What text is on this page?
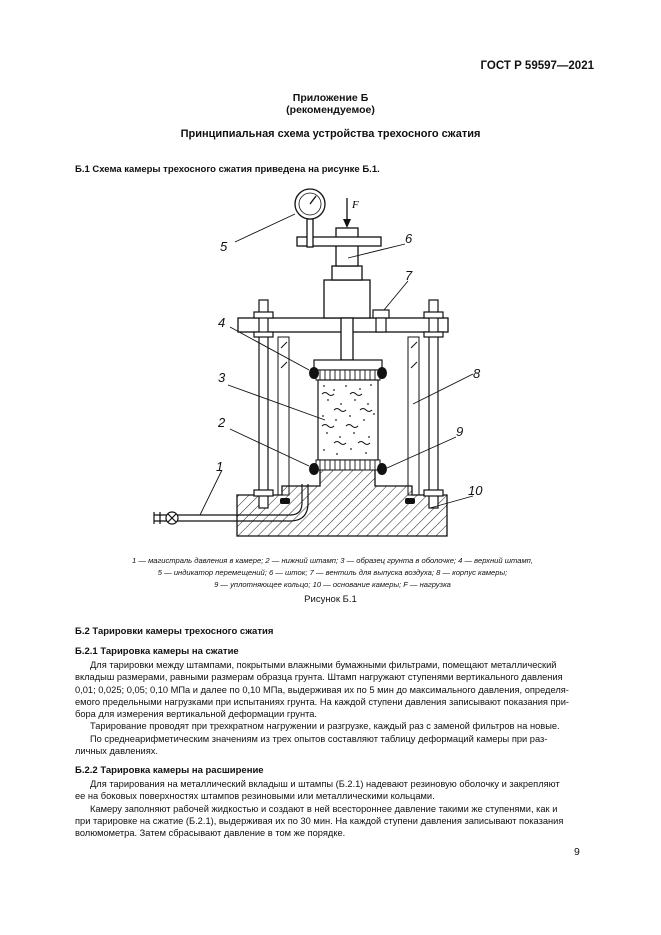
ГОСТ Р 59597—2021
Приложение Б
(рекомендуемое)
Принципиальная схема устройства трехосного сжатия
Б.1 Схема камеры трехосного сжатия приведена на рисунке Б.1.
F
5
6
7
4
3	8
2
9
1
10
1 — магистраль давления в камере; 2 — нижний штамп; 3 — образец грунта в оболочке; 4 — верхний штамп,
5 — индикатор перемещений; 6 — шток; 7 — вентиль для выпуска воздуха; 8 — корпус камеры;
9 — уплотняющее кольцо; 10 — основание камеры; F — нагрузка
Рисунок Б.1
Б.2 Тарировки камеры трехосного сжатия
Б.2.1 Тарировка камеры на сжатие
Для тарировки между штампами, покрытыми влажными бумажными фильтрами, помещают металлический
вкладыш размерами, равными размерам образца грунта. Штамп нагружают ступенями вертикального давления
0,01; 0,025; 0,05; 0,10 МПа и далее по 0,10 МПа, выдерживая их по 5 мин до максимального давления, определя-
емого предельными нагрузками при испытаниях грунта. На каждой ступени давления записывают показания при-
бора для измерения вертикальной деформации грунта.
Тарирование проводят при трехкратном нагружении и разгрузке, каждый раз с заменой фильтров на новые.
По среднеарифметическим значениям из трех опытов составляют таблицу деформаций камеры при раз-
личных давлениях.
Б.2.2 Тарировка камеры на расширение
Для тарирования на металлический вкладыш и штампы (Б.2.1) надевают резиновую оболочку и закрепляют
ее на боковых поверхностях штампов резиновыми или металлическими кольцами.
Камеру заполняют рабочей жидкостью и создают в ней всестороннее давление такими же ступенями, как и
при тарировке на сжатие (Б.2.1), выдерживая их по 30 мин. На каждой ступени давления записывают показания
волюмометра. Затем сбрасывают давление в том же порядке.
9
